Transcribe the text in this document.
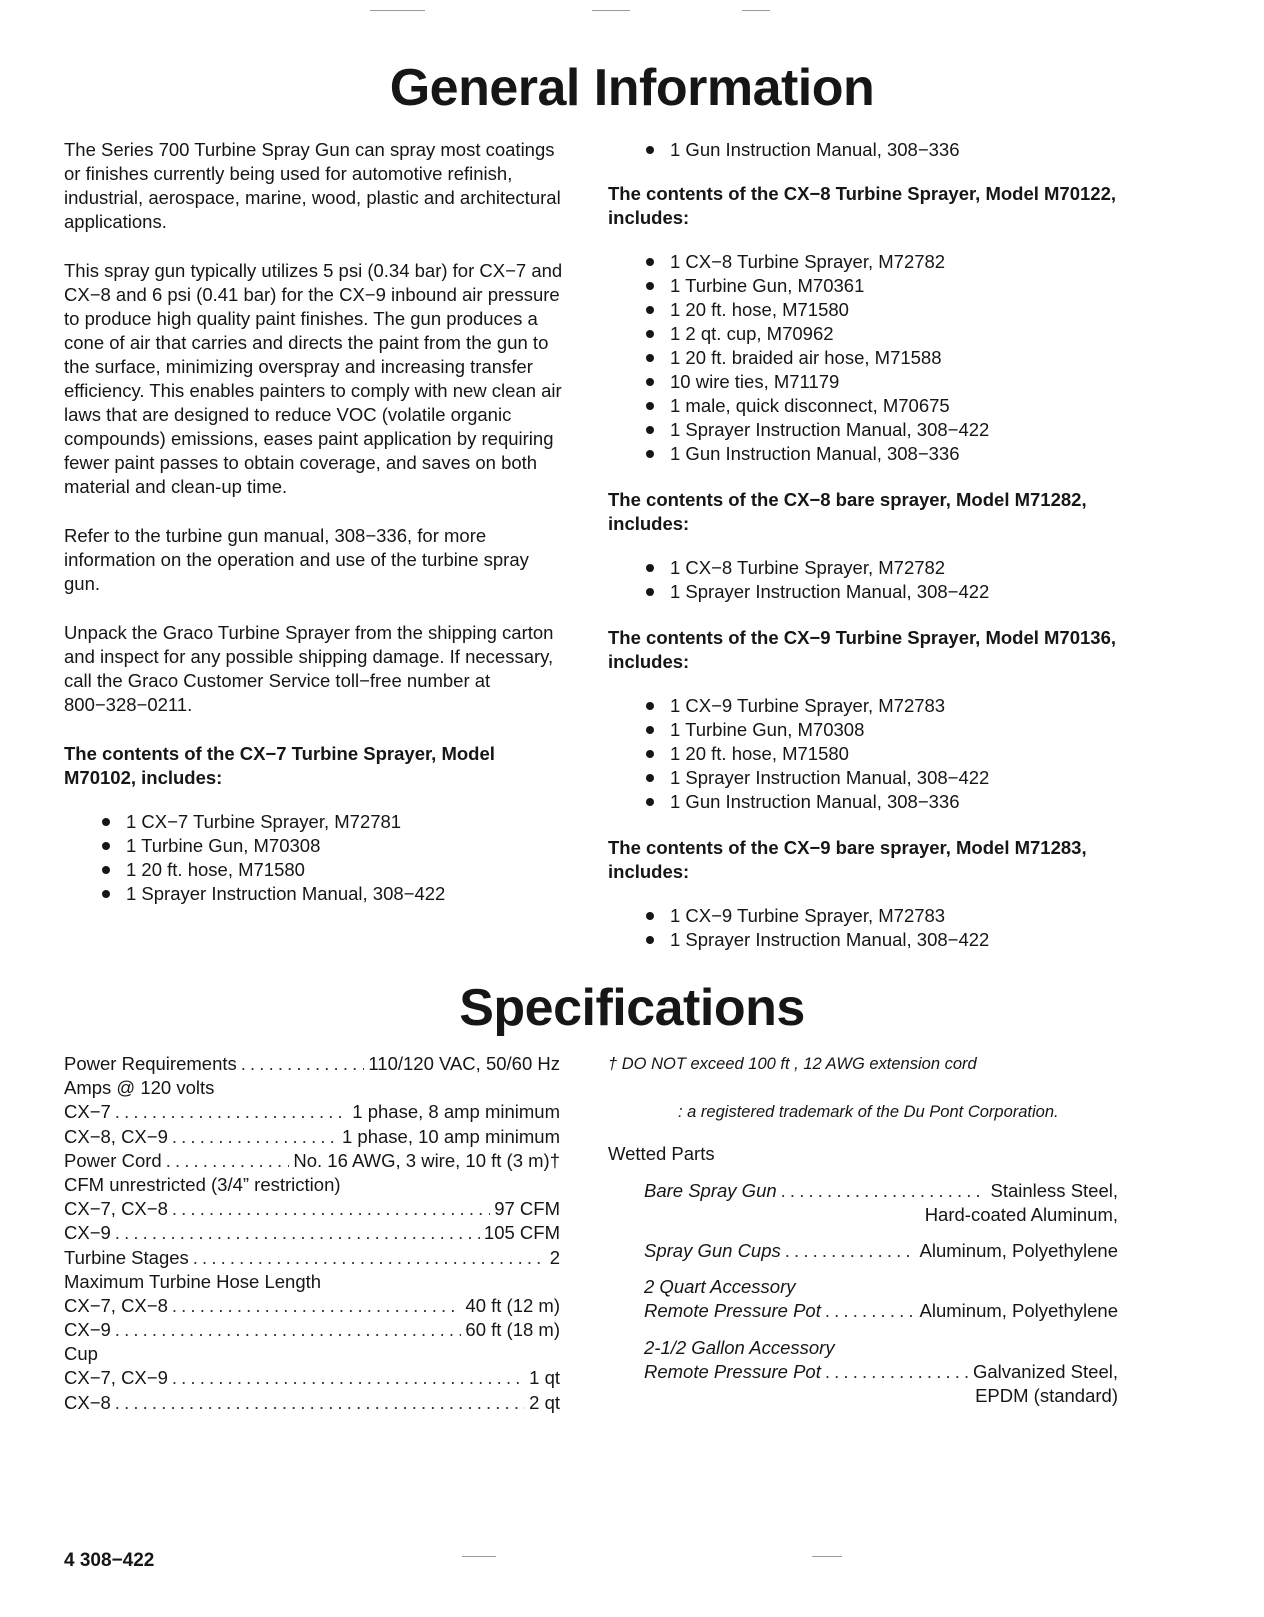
General Information

The Series 700 Turbine Spray Gun can spray most coatings or finishes currently being used for automotive refinish, industrial, aerospace, marine, wood, plastic and architectural applications.

This spray gun typically utilizes 5 psi (0.34 bar) for CX−7 and CX−8 and 6 psi (0.41 bar) for the CX−9 inbound air pressure to produce high quality paint finishes. The gun produces a cone of air that carries and directs the paint from the gun to the surface, minimizing overspray and increasing transfer efficiency. This enables painters to comply with new clean air laws that are designed to reduce VOC (volatile organic compounds) emissions, eases paint application by requiring fewer paint passes to obtain coverage, and saves on both material and clean-up time.

Refer to the turbine gun manual, 308−336, for more information on the operation and use of the turbine spray gun.

Unpack the Graco Turbine Sprayer from the shipping carton and inspect for any possible shipping damage. If necessary, call the Graco Customer Service toll−free number at 800−328−0211.

The contents of the CX−7 Turbine Sprayer, Model M70102, includes:
1 CX−7 Turbine Sprayer, M72781
1 Turbine Gun, M70308
1 20 ft. hose, M71580
1 Sprayer Instruction Manual, 308−422
1 Gun Instruction Manual, 308−336
The contents of the CX−8 Turbine Sprayer, Model M70122, includes:
1 CX−8 Turbine Sprayer, M72782
1 Turbine Gun, M70361
1 20 ft. hose, M71580
1 2 qt. cup, M70962
1 20 ft. braided air hose, M71588
10 wire ties, M71179
1 male, quick disconnect, M70675
1 Sprayer Instruction Manual, 308−422
1 Gun Instruction Manual, 308−336
The contents of the CX−8 bare sprayer, Model M71282, includes:
1 CX−8 Turbine Sprayer, M72782
1 Sprayer Instruction Manual, 308−422
The contents of the CX−9 Turbine Sprayer, Model M70136, includes:
1 CX−9 Turbine Sprayer, M72783
1 Turbine Gun, M70308
1 20 ft. hose, M71580
1 Sprayer Instruction Manual, 308−422
1 Gun Instruction Manual, 308−336
The contents of the CX−9 bare sprayer, Model M71283, includes:
1 CX−9 Turbine Sprayer, M72783
1 Sprayer Instruction Manual, 308−422
Specifications
Power Requirements . . .	110/120 VAC, 50/60 Hz
Amps @ 120 volts
CX−7 . . .	1 phase, 8 amp minimum
CX−8, CX−9 . . .	1 phase, 10 amp minimum
Power Cord . . .	No. 16 AWG, 3 wire, 10 ft (3 m)†
CFM unrestricted (3/4” restriction)
CX−7, CX−8 . . .	97 CFM
CX−9 . . .	105 CFM
Turbine Stages . . .	2
Maximum Turbine Hose Length
CX−7, CX−8 . . .	40 ft (12 m)
CX−9 . . .	60 ft (18 m)
Cup
CX−7, CX−9 . . .	1 qt
CX−8 . . .	2 qt
† DO NOT exceed 100 ft , 12 AWG extension cord
: a registered trademark of the Du Pont Corporation.
Wetted Parts
Bare Spray Gun . . .	Stainless Steel,
Hard-coated Aluminum,
Spray Gun Cups . . .	Aluminum, Polyethylene
2 Quart Accessory
Remote Pressure Pot . . .	Aluminum, Polyethylene
2-1/2 Gallon Accessory
Remote Pressure Pot . . .	Galvanized Steel,
EPDM (standard)
4 308−422
